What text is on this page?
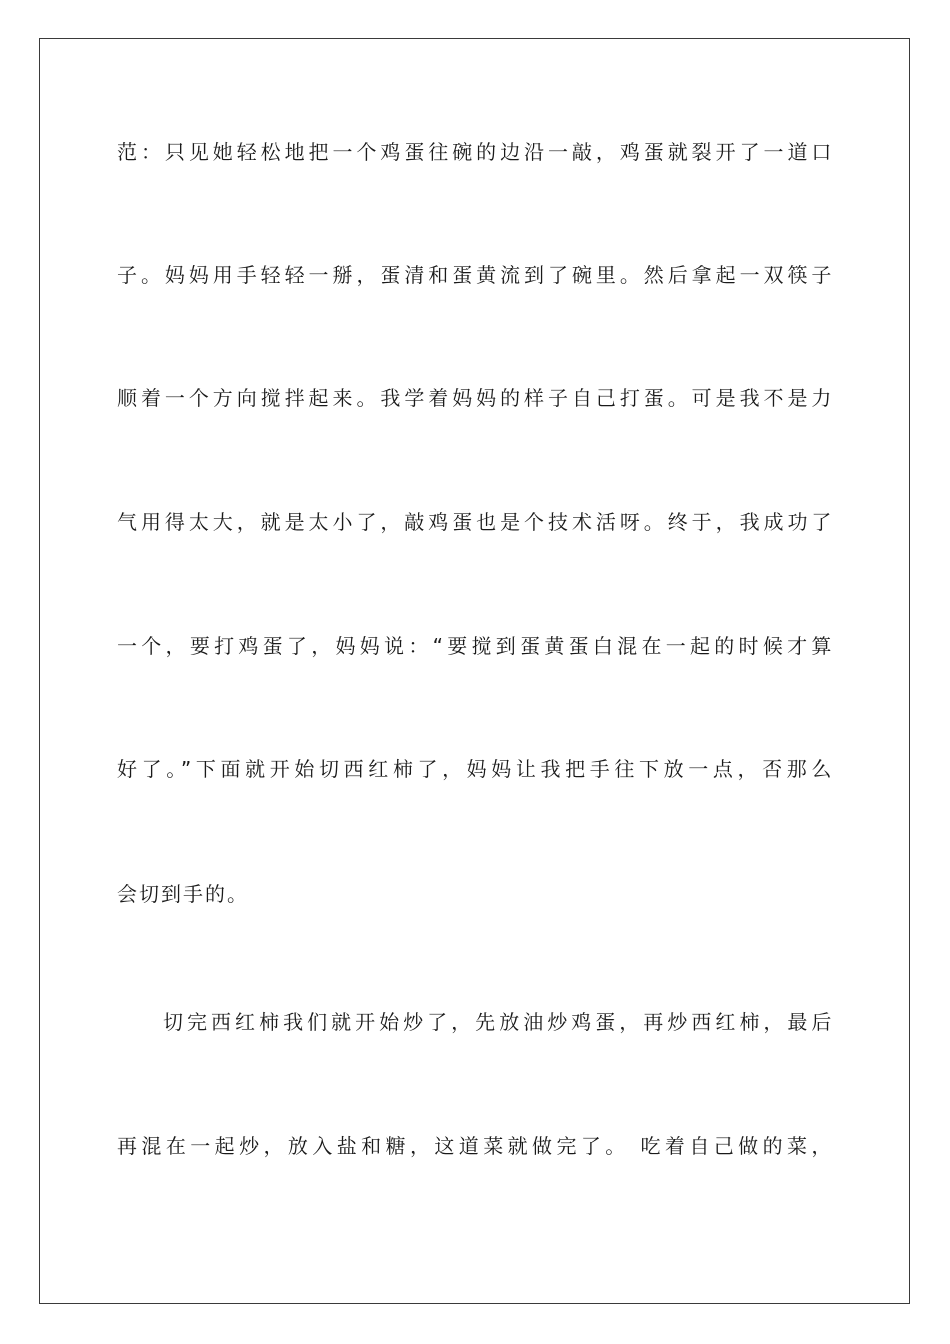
范：只见她轻松地把一个鸡蛋往碗的边沿一敲，鸡蛋就裂开了一道口
子。妈妈用手轻轻一掰，蛋清和蛋黄流到了碗里。然后拿起一双筷子
顺着一个方向搅拌起来。我学着妈妈的样子自己打蛋。可是我不是力
气用得太大，就是太小了，敲鸡蛋也是个技术活呀。终于，我成功了
一个，要打鸡蛋了，妈妈说：“要搅到蛋黄蛋白混在一起的时候才算
好了。”下面就开始切西红柿了，妈妈让我把手往下放一点，否那么
会切到手的。
切完西红柿我们就开始炒了，先放油炒鸡蛋，再炒西红柿，最后
再混在一起炒，放入盐和糖，这道菜就做完了。 吃着自己做的菜，
